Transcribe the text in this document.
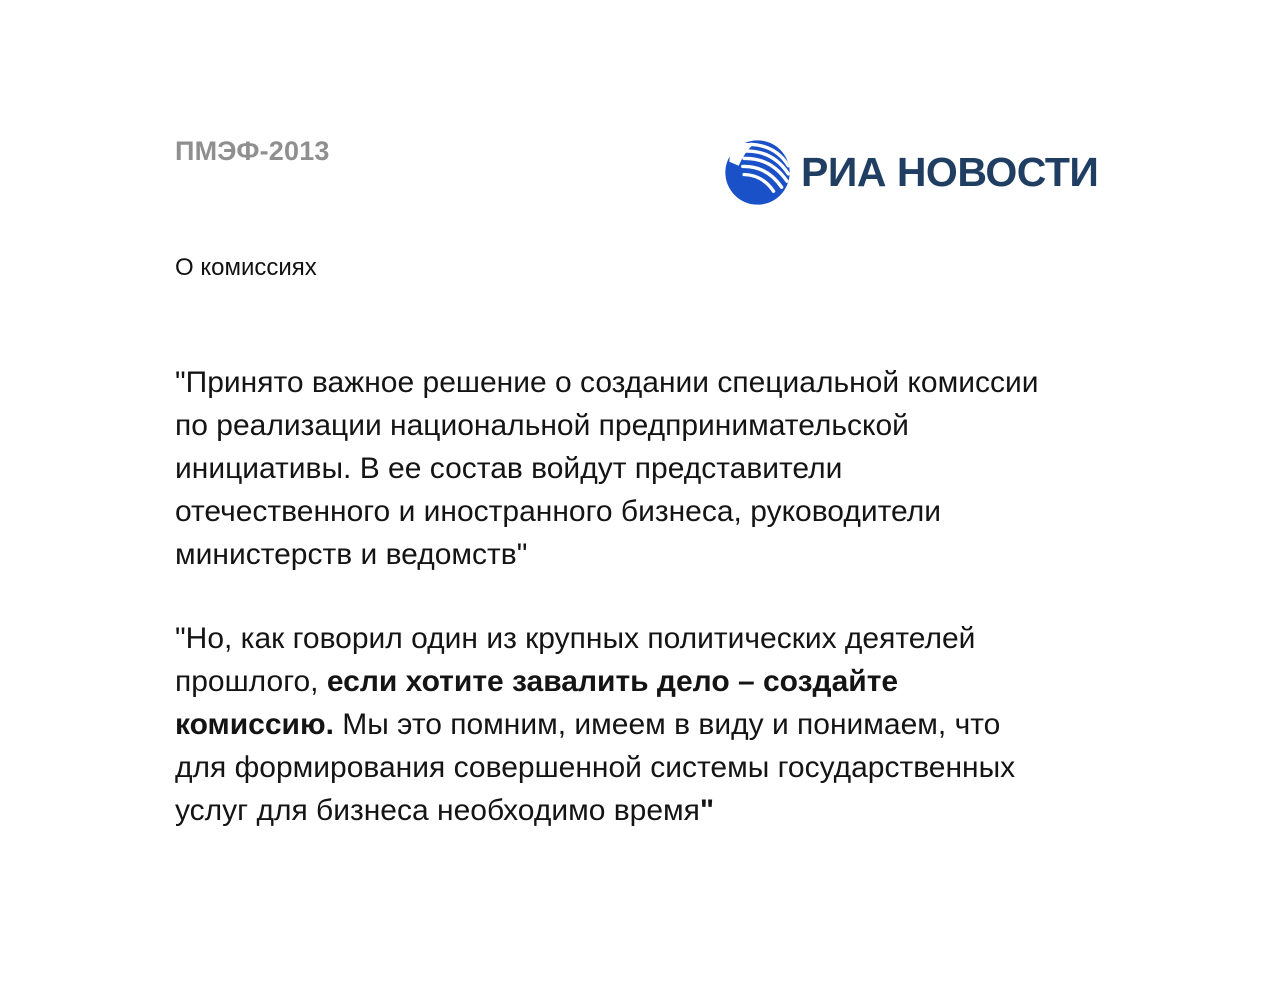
ПМЭФ-2013	РИА НОВОСТИ
О комиссиях

"Принято важное решение о создании специальной комиссии
по реализации национальной предпринимательской
инициативы. В ее состав войдут представители
отечественного и иностранного бизнеса, руководители
министерств и ведомств"

"Но, как говорил один из крупных политических деятелей
прошлого, если хотите завалить дело – создайте
комиссию. Мы это помним, имеем в виду и понимаем, что
для формирования совершенной системы государственных
услуг для бизнеса необходимо время"
